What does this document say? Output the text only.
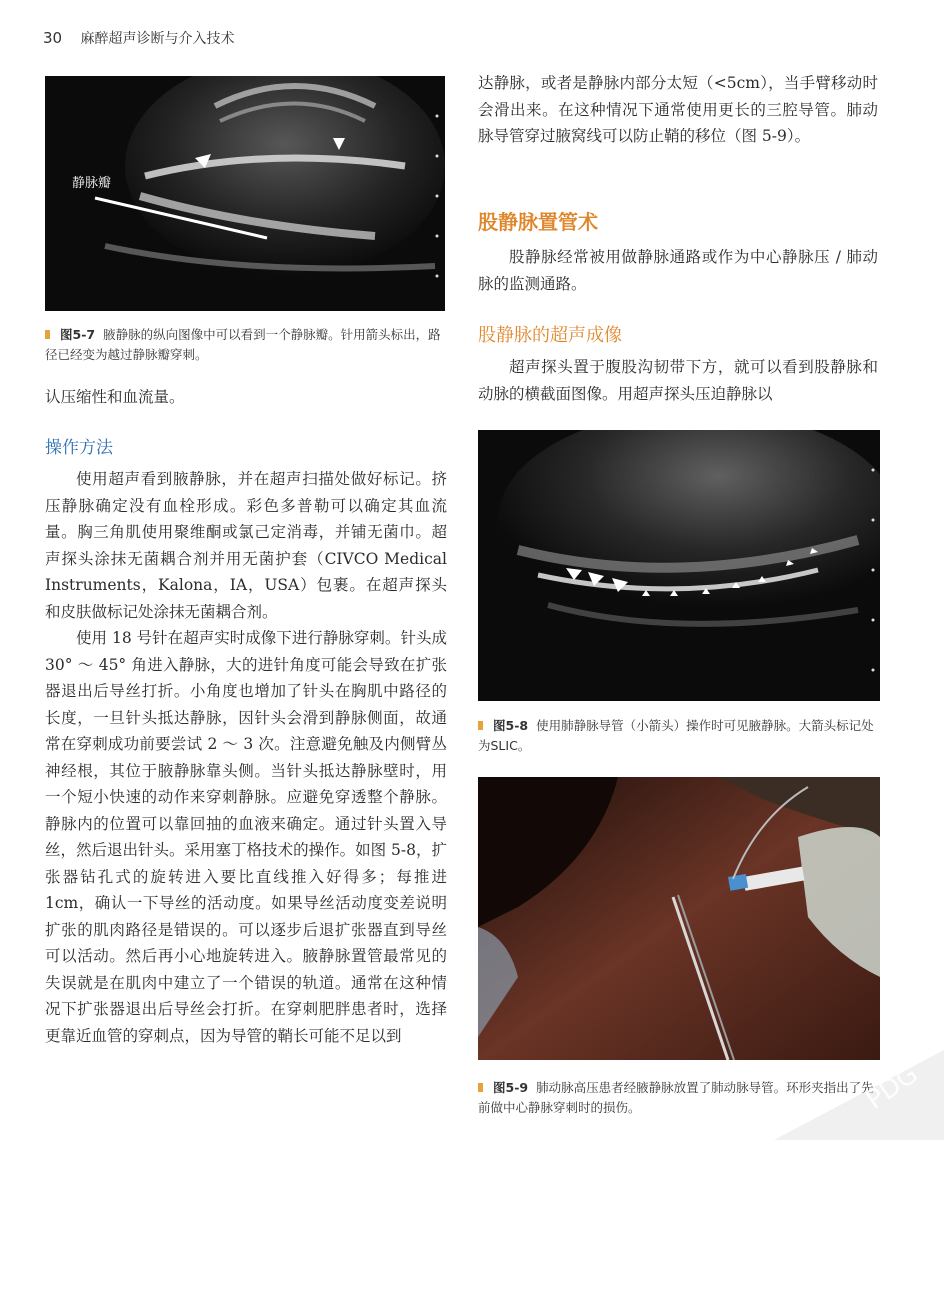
30 麻醉超声诊断与介入技术
静脉瓣
图5-7 腋静脉的纵向图像中可以看到一个静脉瓣。针用箭头标出，路径已经变为越过静脉瓣穿刺。

认压缩性和血流量。

操作方法

使用超声看到腋静脉，并在超声扫描处做好标记。挤压静脉确定没有血栓形成。彩色多普勒可以确定其血流量。胸三角肌使用聚维酮或氯己定消毒，并铺无菌巾。超声探头涂抹无菌耦合剂并用无菌护套（CIVCO Medical Instruments，Kalona，IA，USA）包裹。在超声探头和皮肤做标记处涂抹无菌耦合剂。

使用 18 号针在超声实时成像下进行静脉穿刺。针头成 30° ～ 45° 角进入静脉，大的进针角度可能会导致在扩张器退出后导丝打折。小角度也增加了针头在胸肌中路径的长度，一旦针头抵达静脉，因针头会滑到静脉侧面，故通常在穿刺成功前要尝试 2 ～ 3 次。注意避免触及内侧臂丛神经根，其位于腋静脉靠头侧。当针头抵达静脉壁时，用一个短小快速的动作来穿刺静脉。应避免穿透整个静脉。静脉内的位置可以靠回抽的血液来确定。通过针头置入导丝，然后退出针头。采用塞丁格技术的操作。如图 5-8，扩张器钻孔式的旋转进入要比直线推入好得多；每推进 1cm，确认一下导丝的活动度。如果导丝活动度变差说明扩张的肌肉路径是错误的。可以逐步后退扩张器直到导丝可以活动。然后再小心地旋转进入。腋静脉置管最常见的失误就是在肌肉中建立了一个错误的轨道。通常在这种情况下扩张器退出后导丝会打折。在穿刺肥胖患者时，选择更靠近血管的穿刺点，因为导管的鞘长可能不足以到

达静脉，或者是静脉内部分太短（<5cm），当手臂移动时会滑出来。在这种情况下通常使用更长的三腔导管。肺动脉导管穿过腋窝线可以防止鞘的移位（图 5-9）。

股静脉置管术

股静脉经常被用做静脉通路或作为中心静脉压 / 肺动脉的监测通路。

股静脉的超声成像

超声探头置于腹股沟韧带下方，就可以看到股静脉和动脉的横截面图像。用超声探头压迫静脉以

图5-8 使用肺静脉导管（小箭头）操作时可见腋静脉。大箭头标记处为SLIC。
图5-9 肺动脉高压患者经腋静脉放置了肺动脉导管。环形夹指出了先前做中心静脉穿刺时的损伤。	PDG
